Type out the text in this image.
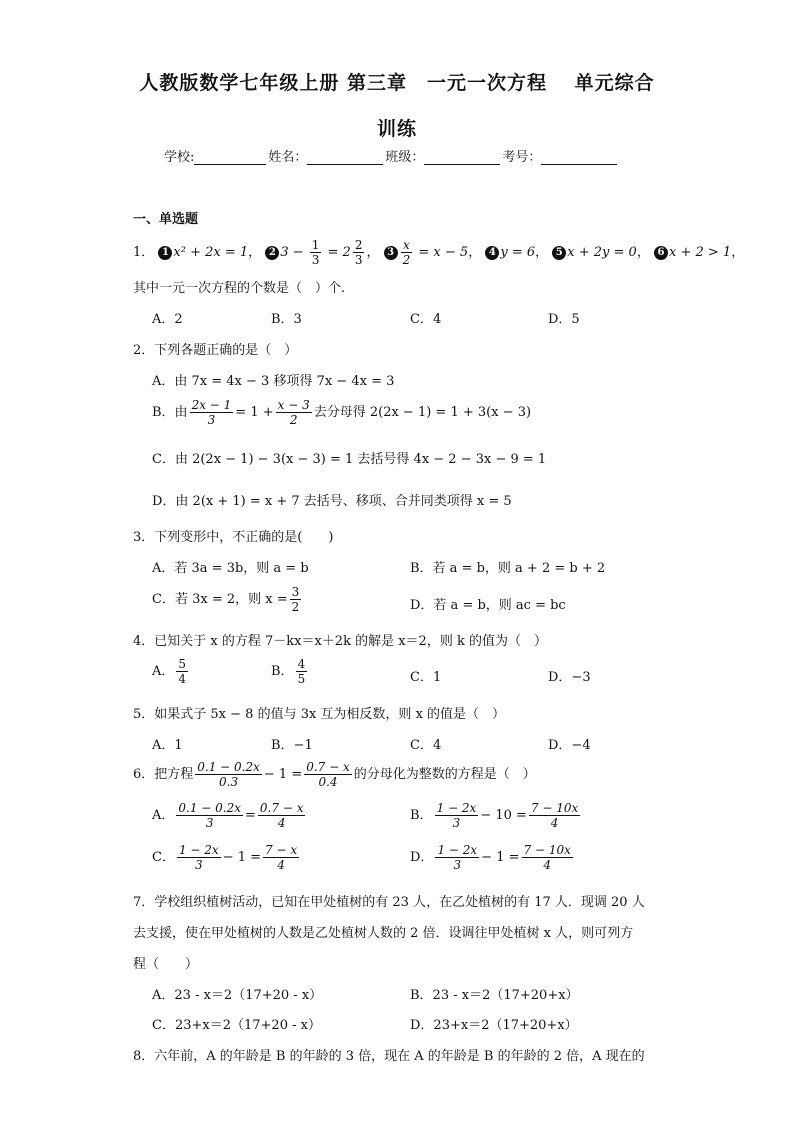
人教版数学七年级上册 第三章　一元一次方程　 单元综合
训练
学校:	姓名：	班级：	考号：
一、单选题
1． 1 x² + 2x = 1， 2 $3 - \frac{1}{3} = 2 \frac{2}{3}$ ， $3 \frac{x}{2} = x - 5$， 4 y = 6， 5 x + 2y = 0， 6 x + 2 > 1，
其中一元一次方程的个数是（　）个.
A．2	B．3	C．4	D．5
2．下列各题正确的是（　）
A．由 7x = 4x − 3 移项得 7x − 4x = 3
B．由 $\frac{2x - 1}{3} = 1 + \frac{x - 3}{2}$ 去分母得 2(2x − 1) = 1 + 3(x − 3)
C．由 2(2x − 1) − 3(x − 3) = 1 去括号得 4x − 2 − 3x − 9 = 1
D．由 2(x + 1) = x + 7 去括号、移项、合并同类项得 x = 5
3．下列变形中，不正确的是(　　)
A．若 3a = 3b，则 a = b	B．若 a = b，则 a + 2 = b + 2
C．若 3x = 2，则 $x = \frac{3}{2}$	D．若 a = b，则 ac = bc
4．已知关于 x 的方程 7－kx＝x＋2k 的解是 x＝2，则 k 的值为（　）
A． $\frac{5}{4}$	B． $\frac{4}{5}$	C．1	D．−3
5．如果式子 5x − 8 的值与 3x 互为相反数，则 x 的值是（　）
A．1	B．−1	C．4	D．−4
6．把方程 $\frac{0.1 - 0.2x}{0.3} - 1 = \frac{0.7 - x}{0.4}$ 的分母化为整数的方程是（　）
A． $\frac{0.1 - 0.2x}{3} = \frac{0.7 - x}{4}$	B． $\frac{1 - 2x}{3} - 10 = \frac{7 - 10x}{4}$
C． $\frac{1 - 2x}{3} - 1 = \frac{7 - x}{4}$	D． $\frac{1 - 2x}{3} - 1 = \frac{7 - 10x}{4}$
7．学校组织植树活动，已知在甲处植树的有 23 人，在乙处植树的有 17 人．现调 20 人
去支援，使在甲处植树的人数是乙处植树人数的 2 倍．设调往甲处植树 x 人，则可列方
程（　　）
A．23 - x＝2（17+20 - x）	B．23 - x＝2（17+20+x）
C．23+x＝2（17+20 - x）	D．23+x＝2（17+20+x）
8．六年前，A 的年龄是 B 的年龄的 3 倍，现在 A 的年龄是 B 的年龄的 2 倍，A 现在的
